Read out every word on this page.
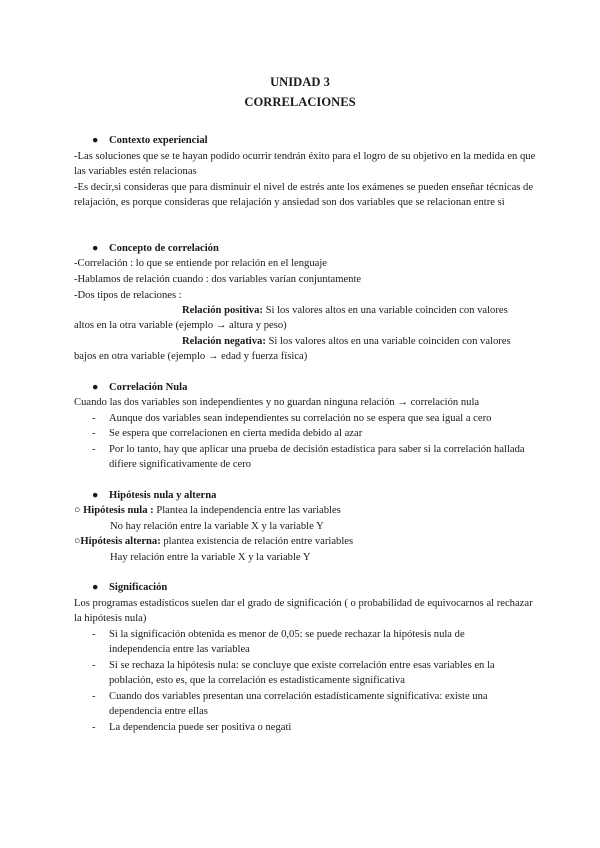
UNIDAD 3
CORRELACIONES
● Contexto experiencial

-Las soluciones que se te hayan podido ocurrir tendrán éxito para el logro de su objetivo en la medida en que las variables estén relacionas

-Es decir,si consideras que para disminuir el nivel de estrés ante los exámenes se pueden enseñar técnicas de relajación, es porque consideras que relajación y ansiedad son dos variables que se relacionan entre sì

● Concepto de correlación
-Correlación : lo que se entiende por relación en el lenguaje
-Hablamos de relación cuando : dos variables varían conjuntamente
-Dos tipos de relaciones :
Relación positiva: Si los valores altos en una variable coinciden con valores
altos en la otra variable (ejemplo → altura y peso)
Relación negativa: Si los valores altos en una variable coinciden con valores
bajos en otra variable (ejemplo → edad y fuerza física)
● Correlación Nula
Cuando las dos variables son independientes y no guardan ninguna relación → correlación nula
- Aunque dos variables sean independientes su correlación no se espera que sea igual a cero
- Se espera que correlacionen en cierta medida debido al azar
- Por lo tanto, hay que aplicar una prueba de decisión estadística para saber si la correlación hallada difiere significativamente de cero
● Hipótesis nula y alterna
○ Hipótesis nula : Plantea la independencia entre las variables
No hay relación entre la variable X y la variable Y
○Hipótesis alterna: plantea existencia de relación entre variables
Hay relación entre la variable X y la variable Y
● Significación
Los programas estadísticos suelen dar el grado de significación ( o probabilidad de equivocarnos al rechazar la hipótesis nula)
- Si la significación obtenida es menor de 0,05: se puede rechazar la hipótesis nula de independencia entre las variablea
- Si se rechaza la hipótesis nula: se concluye que existe correlación entre esas variables en la población, esto es, que la correlación es estadísticamente significativa
- Cuando dos variables presentan una correlación estadísticamente significativa: existe una dependencia entre ellas
- La dependencia puede ser positiva o negati
